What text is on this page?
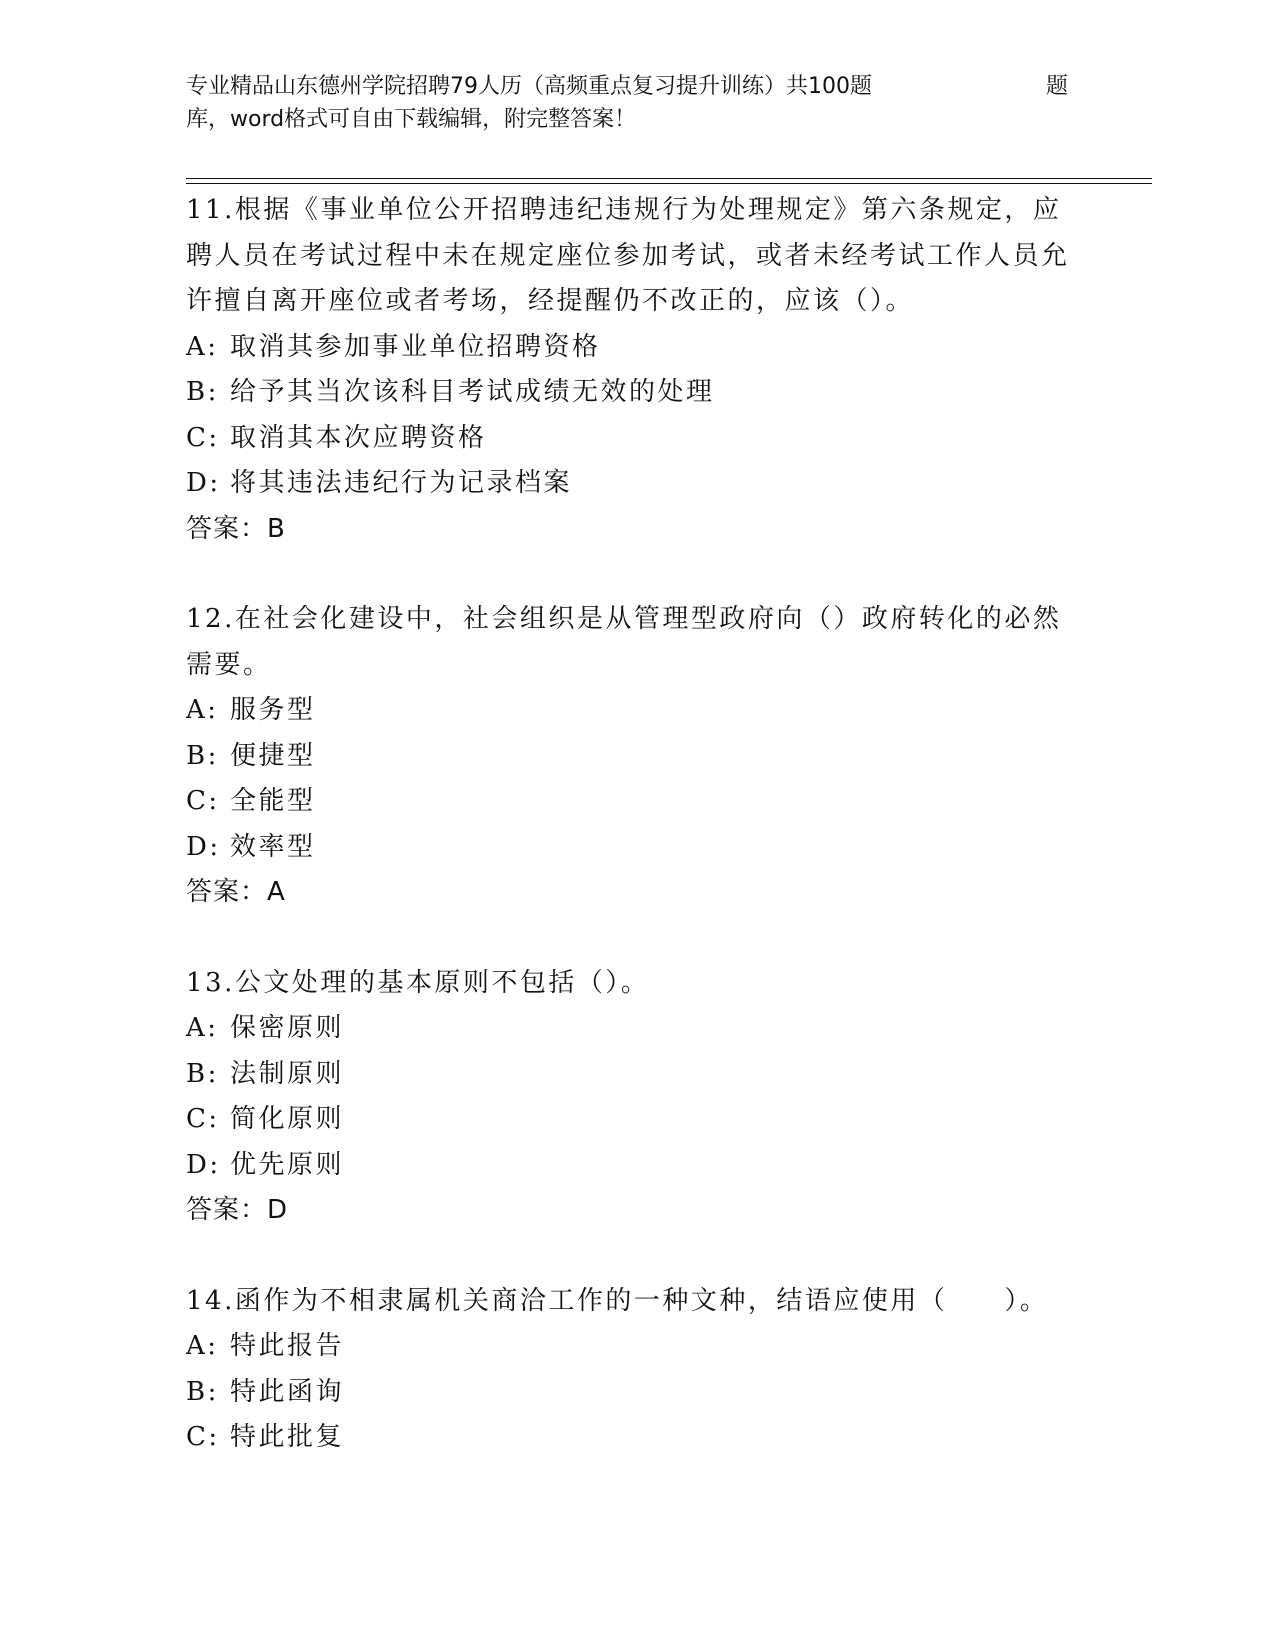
专业精品山东德州学院招聘79人历（高频重点复习提升训练）共100题	题
库，word格式可自由下载编辑，附完整答案！

11.根据《事业单位公开招聘违纪违规行为处理规定》第六条规定，应聘人员在考试过程中未在规定座位参加考试，或者未经考试工作人员允许擅自离开座位或者考场，经提醒仍不改正的，应该（）。

A: 取消其参加事业单位招聘资格

B: 给予其当次该科目考试成绩无效的处理

C: 取消其本次应聘资格

D: 将其违法违纪行为记录档案

答案：B

12.在社会化建设中，社会组织是从管理型政府向（）政府转化的必然需要。

A: 服务型

B: 便捷型

C: 全能型

D: 效率型

答案：A

13.公文处理的基本原则不包括（）。

A: 保密原则

B: 法制原则

C: 简化原则

D: 优先原则

答案：D

14.函作为不相隶属机关商洽工作的一种文种，结语应使用（　　）。

A: 特此报告

B: 特此函询

C: 特此批复
